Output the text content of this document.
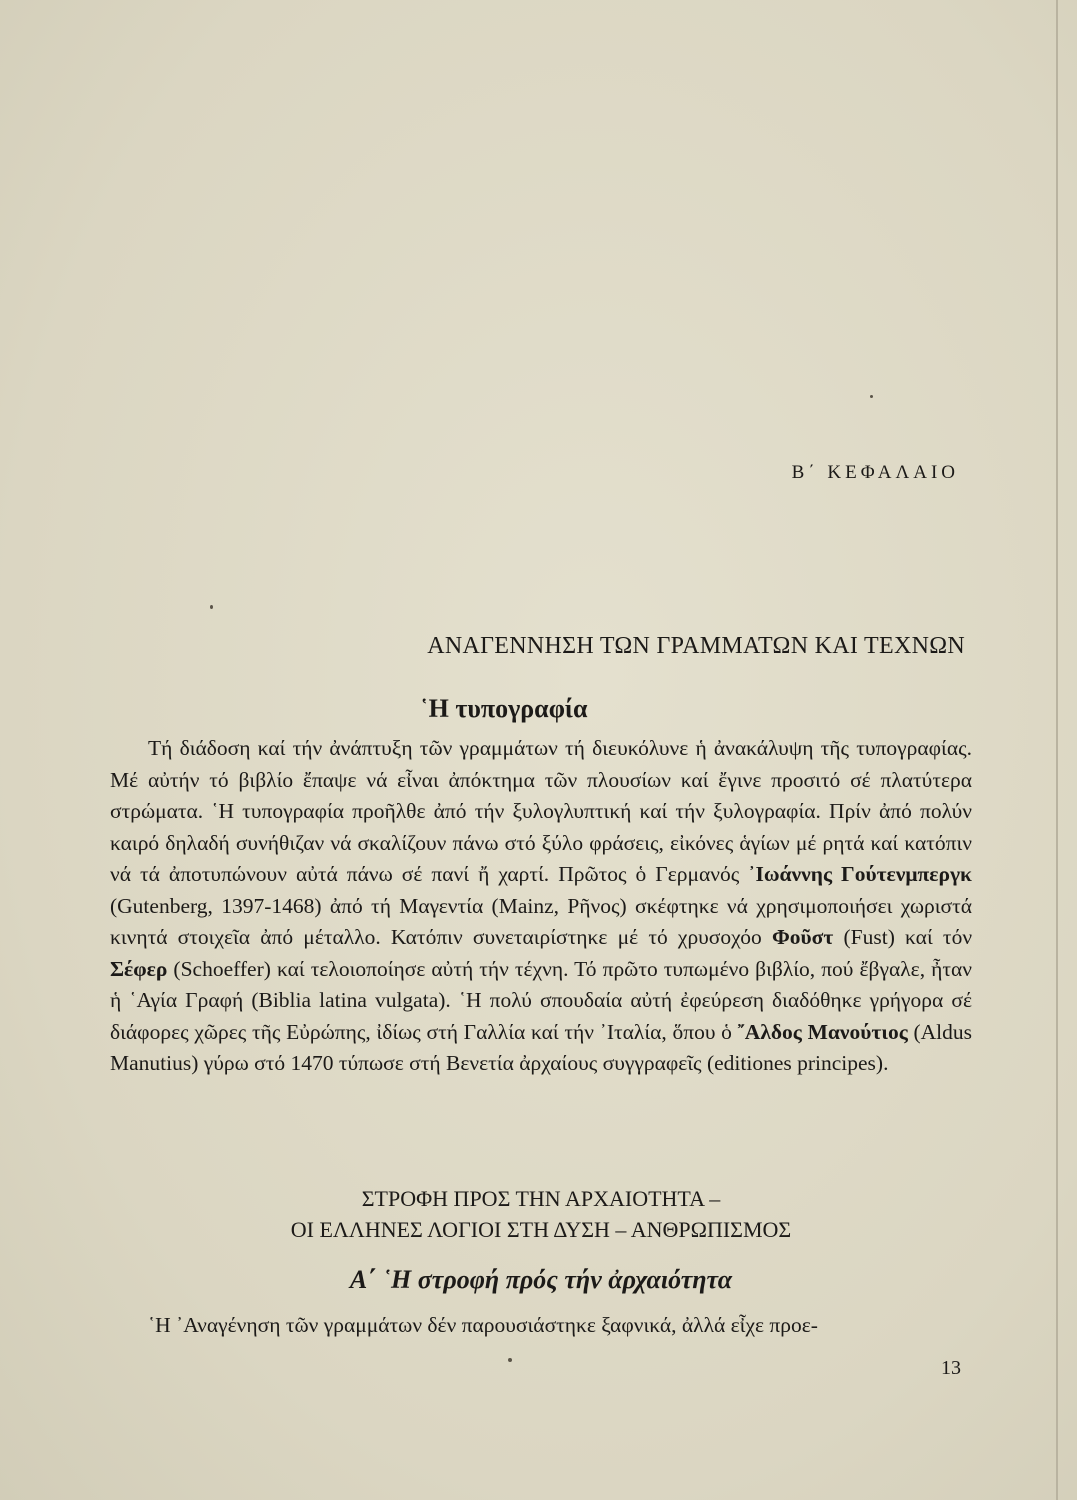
Β΄ ΚΕΦΑΛΑΙΟ
ΑΝΑΓΕΝΝΗΣΗ ΤΩΝ ΓΡΑΜΜΑΤΩΝ ΚΑΙ ΤΕΧΝΩΝ
῾Η τυπογραφία

Τή διάδοση καί τήν ἀνάπτυξη τῶν γραμμάτων τή διευκόλυνε ἡ ἀνακάλυψη τῆς τυπογραφίας. Μέ αὐτήν τό βιβλίο ἔπαψε νά εἶναι ἀπόκτημα τῶν πλουσίων καί ἔγινε προσιτό σέ πλατύτερα στρώματα. ῾Η τυπογραφία προῆλθε ἀπό τήν ξυλογλυπτική καί τήν ξυλογραφία. Πρίν ἀπό πολύν καιρό δηλαδή συνήθιζαν νά σκαλίζουν πάνω στό ξύλο φράσεις, εἰκόνες ἁγίων μέ ρητά καί κατόπιν νά τά ἀποτυπώνουν αὐτά πάνω σέ πανί ἤ χαρτί. Πρῶτος ὁ Γερμανός ᾿Ιωάννης Γούτενμπεργκ (Gutenberg, 1397-1468) ἀπό τή Μαγεντία (Mainz, Ρῆνος) σκέφτηκε νά χρησιμοποιήσει χωριστά κινητά στοιχεῖα ἀπό μέταλλο. Κατόπιν συνεταιρίστηκε μέ τό χρυσοχόο Φοῦστ (Fust) καί τόν Σέφερ (Schoeffer) καί τελοιοποίησε αὐτή τήν τέχνη. Τό πρῶτο τυπωμένο βιβλίο, πού ἔβγαλε, ἦταν ἡ ῾Αγία Γραφή (Biblia latina vulgata). ῾Η πολύ σπουδαία αὐτή ἐφεύρεση διαδόθηκε γρήγορα σέ διάφορες χῶρες τῆς Εὐρώπης, ἰδίως στή Γαλλία καί τήν ᾿Ιταλία, ὅπου ὁ ῎Αλδος Μανούτιος (Aldus Manutius) γύρω στό 1470 τύπωσε στή Βενετία ἀρχαίους συγγραφεῖς (editiones principes).

ΣΤΡΟΦΗ ΠΡΟΣ ΤΗΝ ΑΡΧΑΙΟΤΗΤΑ –
ΟΙ ΕΛΛΗΝΕΣ ΛΟΓΙΟΙ ΣΤΗ ΔΥΣΗ – ΑΝΘΡΩΠΙΣΜΟΣ
Α΄ ῾Η στροφή πρός τήν ἀρχαιότητα

῾Η ᾿Αναγένηση τῶν γραμμάτων δέν παρουσιάστηκε ξαφνικά, ἀλλά εἶχε προε-

13
